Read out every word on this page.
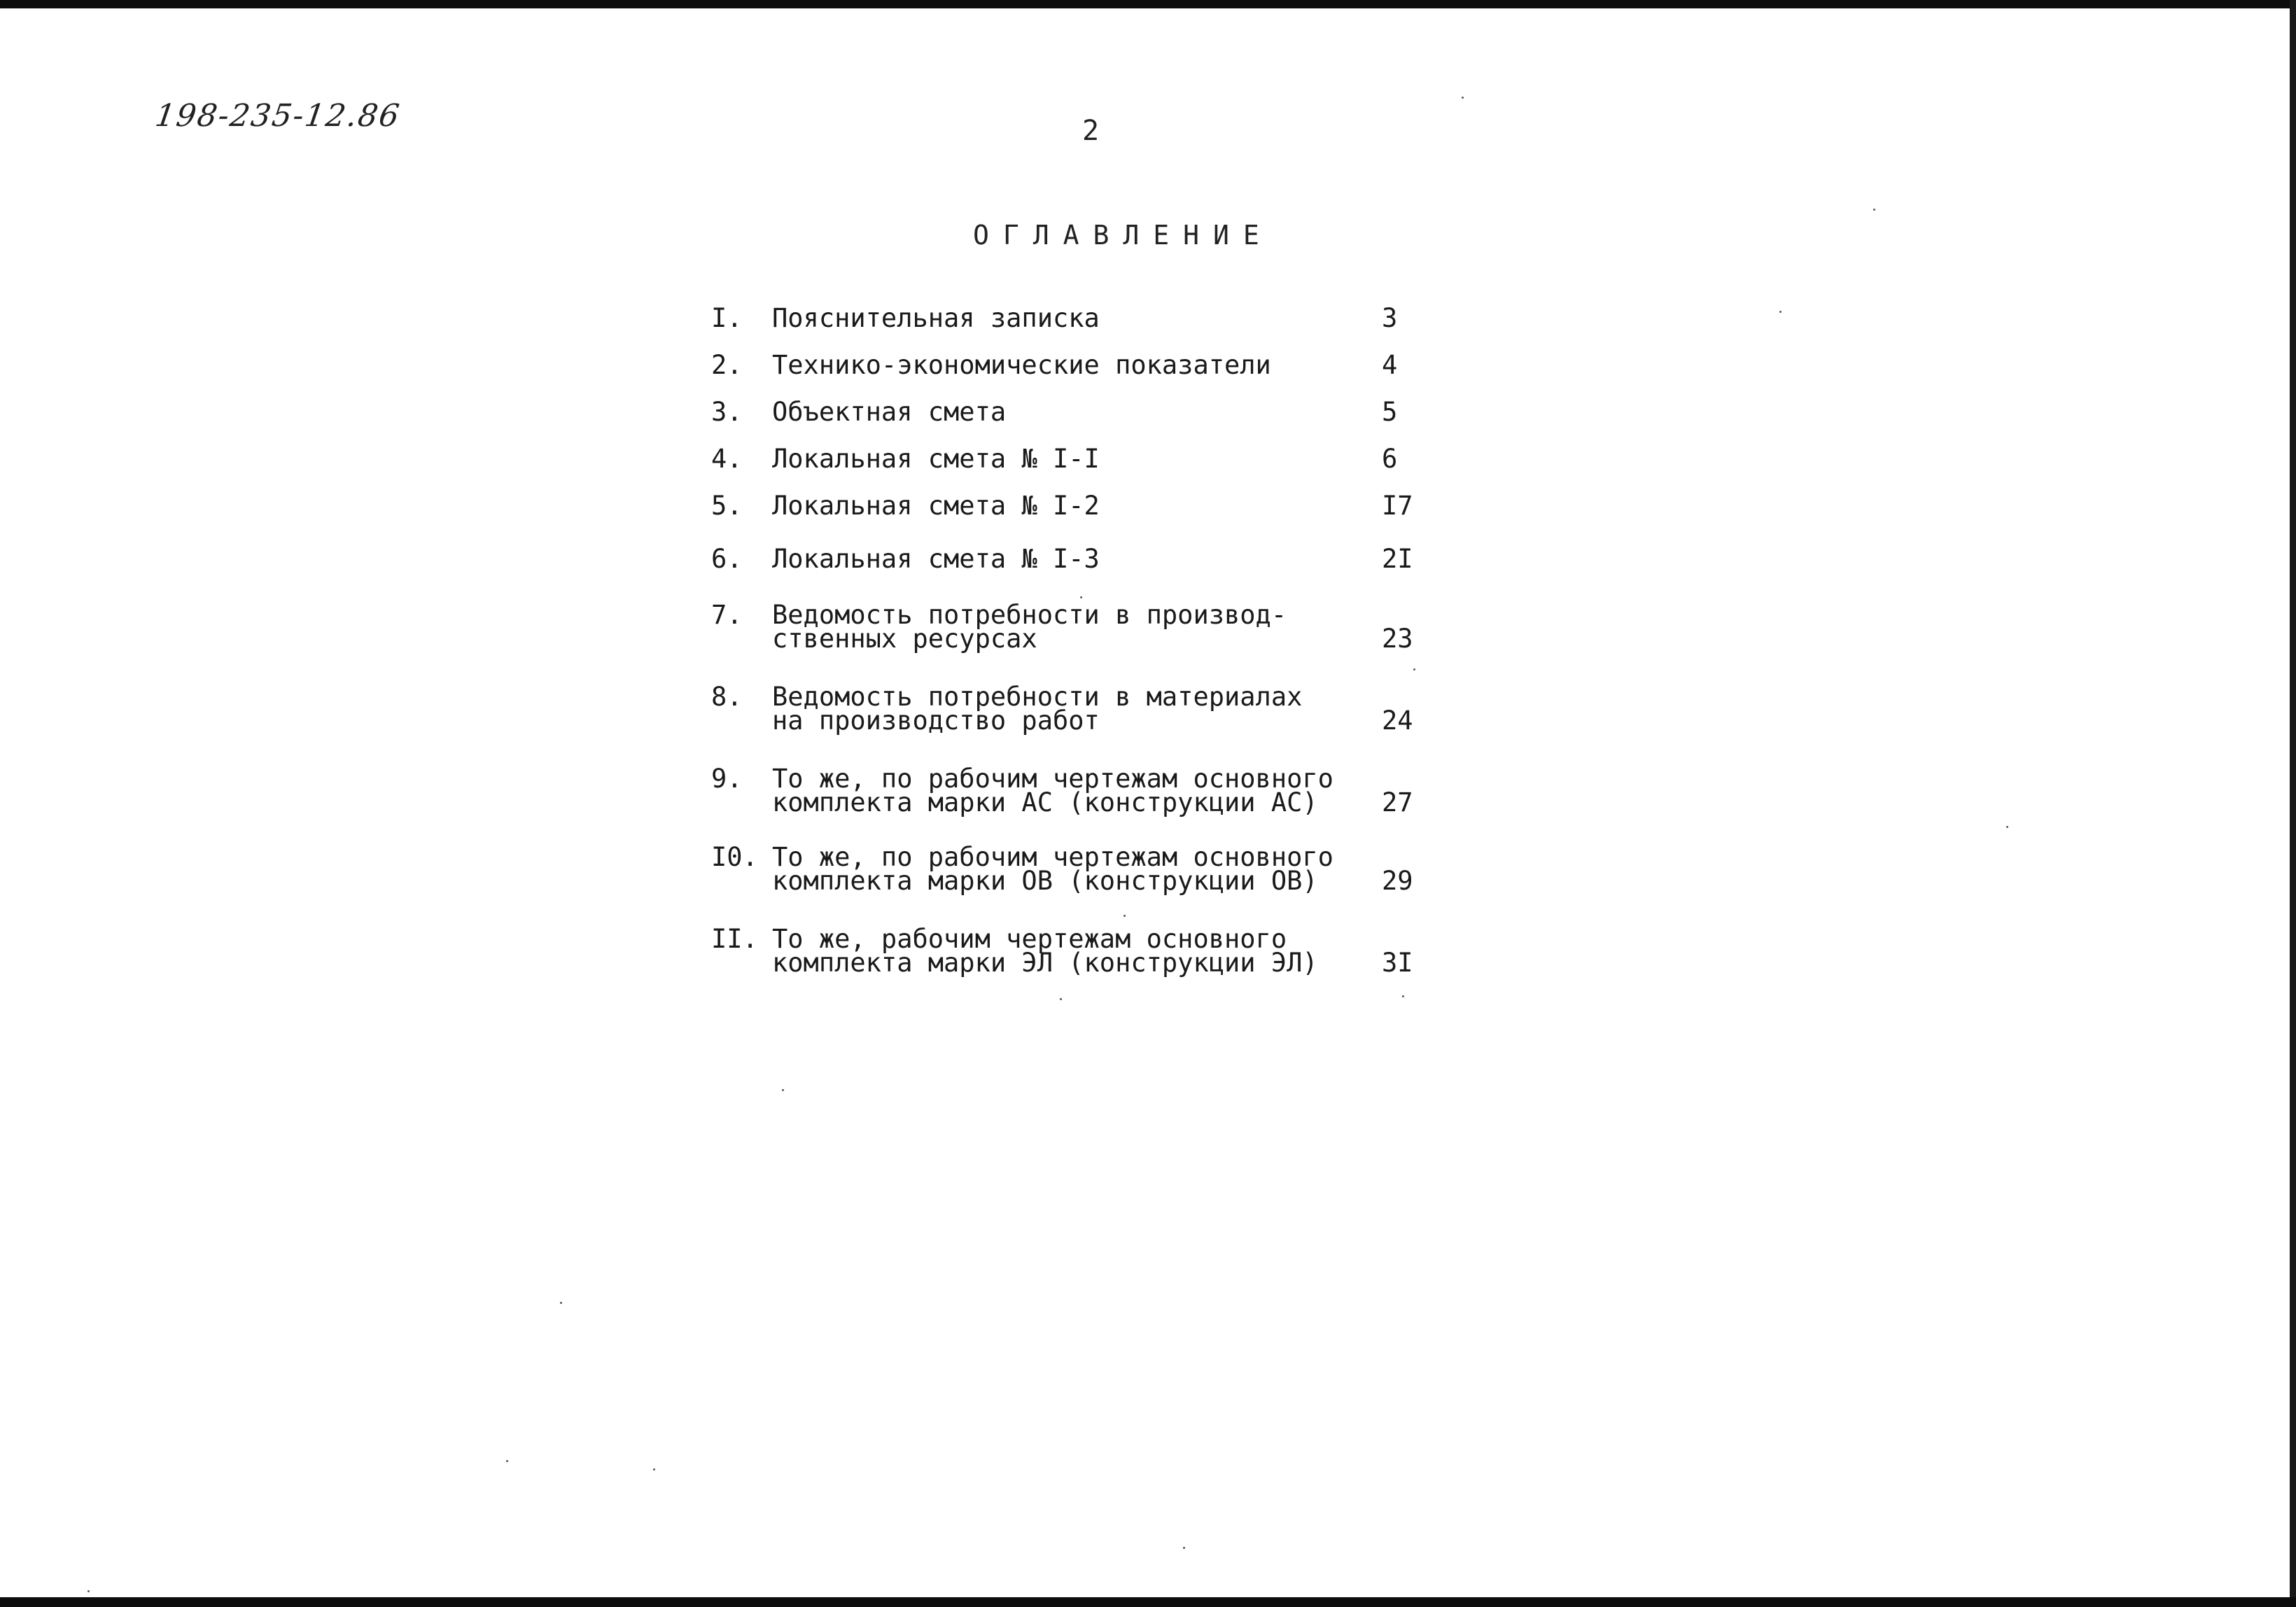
198-235-12.86	2
ОГЛАВЛЕНИЕ
I.	Пояснительная записка	3
2.	Технико-экономические показатели	4
3.	Объектная смета	5
4.	Локальная смета № I-I	6
5.	Локальная смета № I-2	I7
6.	Локальная смета № I-3	2I
7.	Ведомость потребности в производ-
ственных ресурсах	23
8.	Ведомость потребности в материалах
на производство работ	24
9.	То же, по рабочим чертежам основного
комплекта марки АС (конструкции АС)	27
I0. То же, по рабочим чертежам основного
комплекта марки ОВ (конструкции ОВ)	29
II. То же, рабочим чертежам основного
комплекта марки ЭЛ (конструкции ЭЛ)	3I
